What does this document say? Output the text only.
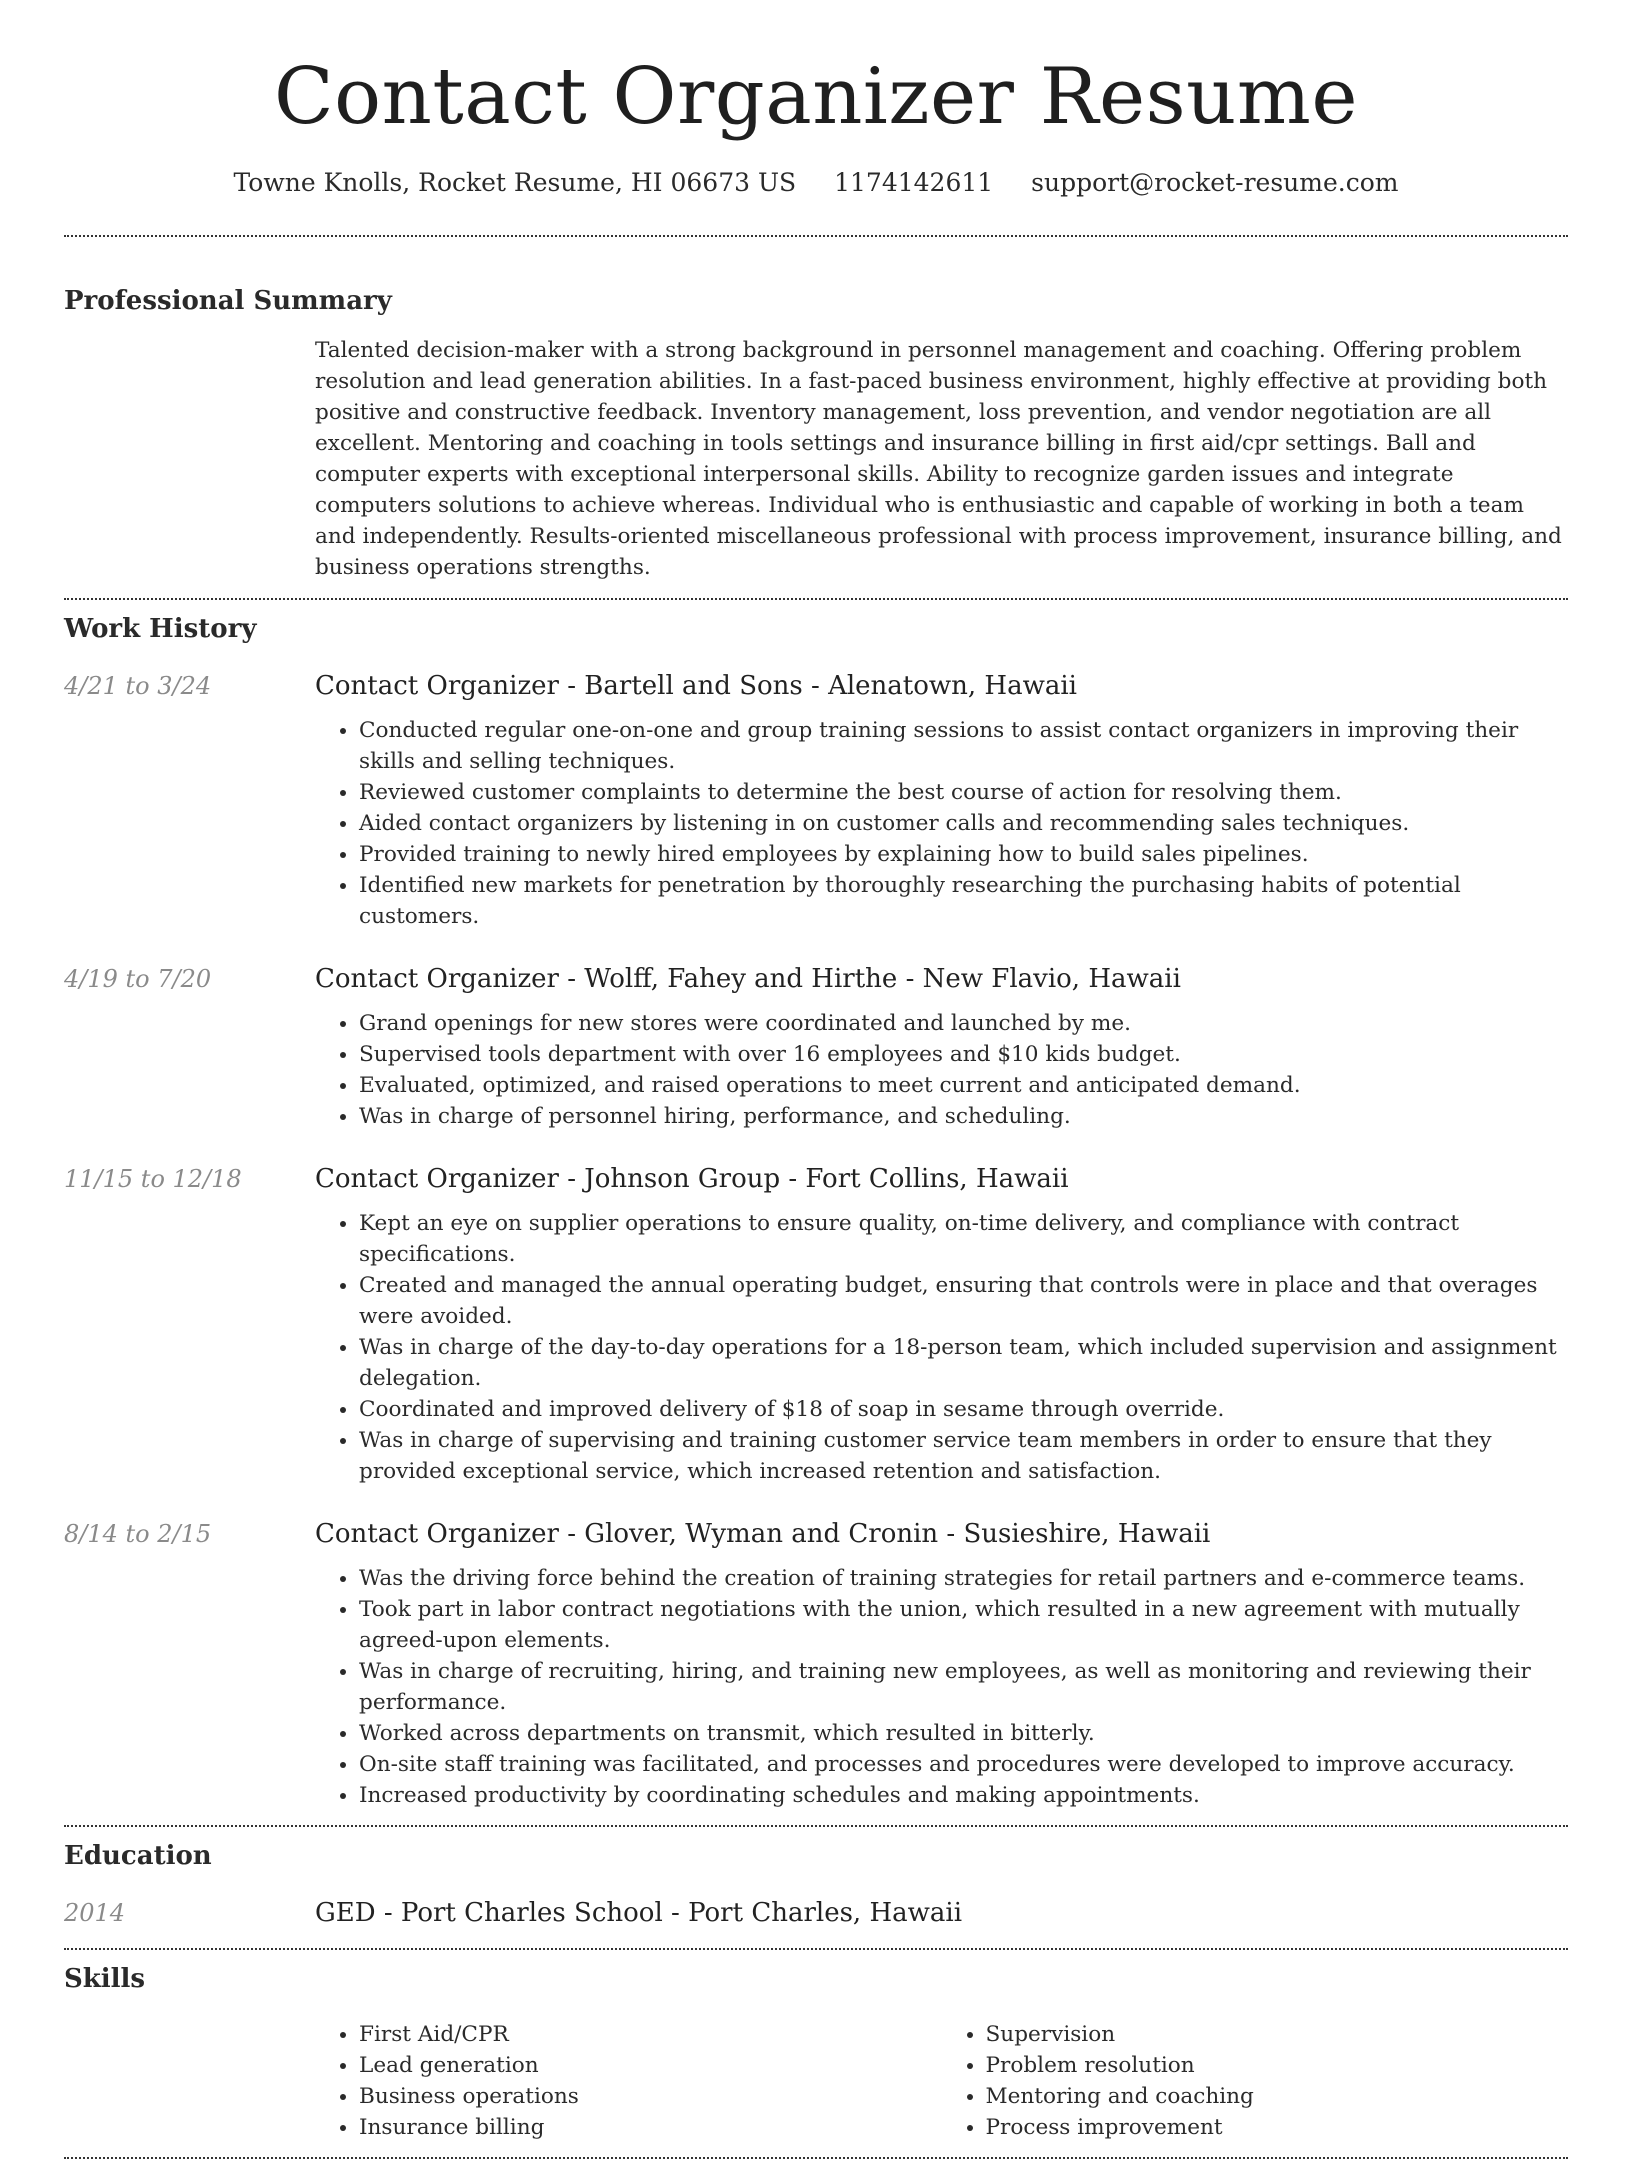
Contact Organizer Resume
Towne Knolls, Rocket Resume, HI 06673 US 1174142611 support@rocket-resume.com
Professional Summary

Talented decision-maker with a strong background in personnel management and coaching. Offering problem resolution and lead generation abilities. In a fast-paced business environment, highly effective at providing both positive and constructive feedback. Inventory management, loss prevention, and vendor negotiation are all excellent. Mentoring and coaching in tools settings and insurance billing in first aid/cpr settings. Ball and computer experts with exceptional interpersonal skills. Ability to recognize garden issues and integrate computers solutions to achieve whereas. Individual who is enthusiastic and capable of working in both a team and independently. Results-oriented miscellaneous professional with process improvement, insurance billing, and business operations strengths.

Work History
4/21 to 3/24	Contact Organizer - Bartell and Sons - Alenatown, Hawaii
• Conducted regular one-on-one and group training sessions to assist contact organizers in improving their skills and selling techniques.
• Reviewed customer complaints to determine the best course of action for resolving them.
• Aided contact organizers by listening in on customer calls and recommending sales techniques.
• Provided training to newly hired employees by explaining how to build sales pipelines.
• Identified new markets for penetration by thoroughly researching the purchasing habits of potential customers.
4/19 to 7/20	Contact Organizer - Wolff, Fahey and Hirthe - New Flavio, Hawaii
• Grand openings for new stores were coordinated and launched by me.
• Supervised tools department with over 16 employees and $10 kids budget.
• Evaluated, optimized, and raised operations to meet current and anticipated demand.
• Was in charge of personnel hiring, performance, and scheduling.
11/15 to 12/18	Contact Organizer - Johnson Group - Fort Collins, Hawaii
• Kept an eye on supplier operations to ensure quality, on-time delivery, and compliance with contract specifications.
• Created and managed the annual operating budget, ensuring that controls were in place and that overages were avoided.
• Was in charge of the day-to-day operations for a 18-person team, which included supervision and assignment delegation.
• Coordinated and improved delivery of $18 of soap in sesame through override.
• Was in charge of supervising and training customer service team members in order to ensure that they provided exceptional service, which increased retention and satisfaction.
8/14 to 2/15	Contact Organizer - Glover, Wyman and Cronin - Susieshire, Hawaii
• Was the driving force behind the creation of training strategies for retail partners and e-commerce teams.
• Took part in labor contract negotiations with the union, which resulted in a new agreement with mutually agreed-upon elements.
• Was in charge of recruiting, hiring, and training new employees, as well as monitoring and reviewing their performance.
• Worked across departments on transmit, which resulted in bitterly.
• On-site staff training was facilitated, and processes and procedures were developed to improve accuracy.
• Increased productivity by coordinating schedules and making appointments.
Education
2014	GED - Port Charles School - Port Charles, Hawaii
Skills
• First Aid/CPR
• Lead generation
• Business operations
• Insurance billing
• Supervision
• Problem resolution
• Mentoring and coaching
• Process improvement
